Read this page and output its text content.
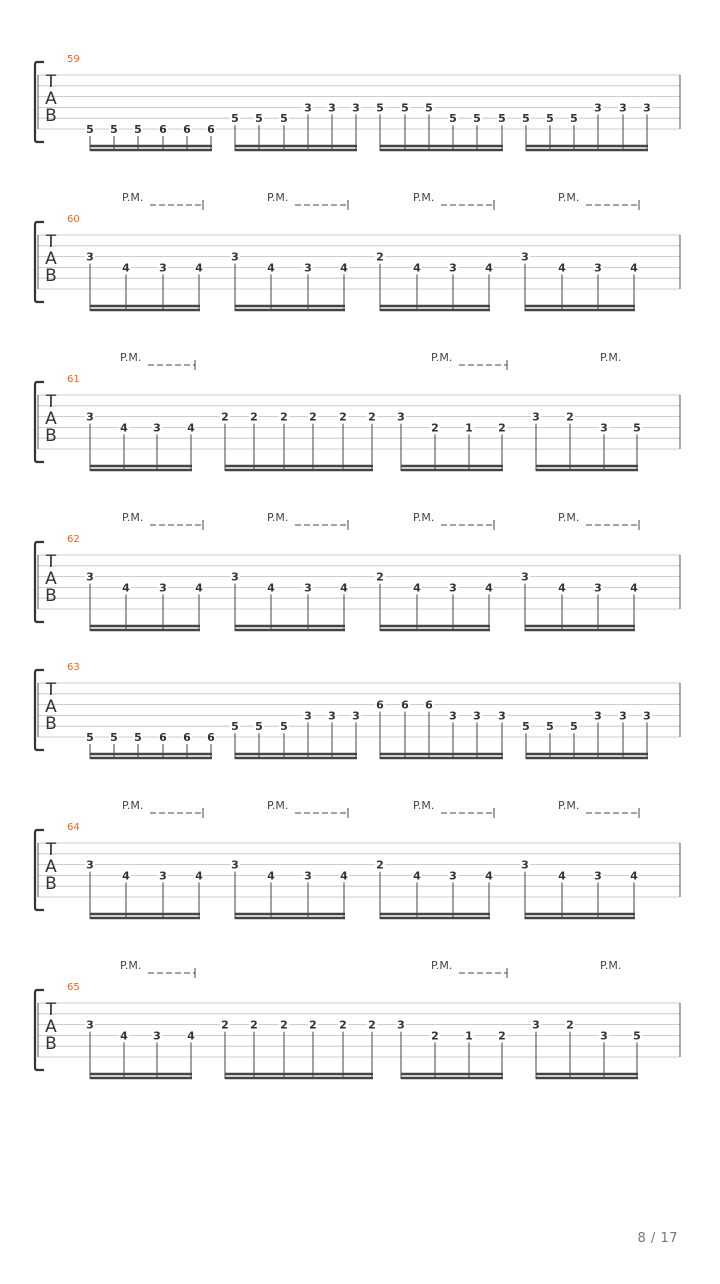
59
T
A
B
5 5 5 6 6 6
5 5 5
3 3 3 5 5 5
5 5 5 5 5 5
3 3 3
60
T
A
B
P.M.	P.M.	P.M.	P.M.
3
4	3	4
3
4	3	4
2
4	3	4
3
4	3	4
61
T
A
B
P.M.	P.M.	P.M.
3
4 3 4
2 2 2 2 2 2 3
2 1 2
3 2
3 5
62
T
A
B
P.M.	P.M.	P.M.	P.M.
3
4	3	4
3
4	3	4
2
4	3	4
3
4	3	4
63
T
A
B
5 5 5 6 6 6
5 5 5
3 3 3
6 6 6
3 3 3
5 5 5
3 3 3
64
T
A
B
P.M.	P.M.	P.M.	P.M.
3
4	3	4
3
4	3	4
2
4	3	4
3
4	3	4
65
T
A
B
P.M.	P.M.	P.M.
3
4 3 4
2 2 2 2 2 2 3
2 1 2
3 2
3 5
8 / 17
